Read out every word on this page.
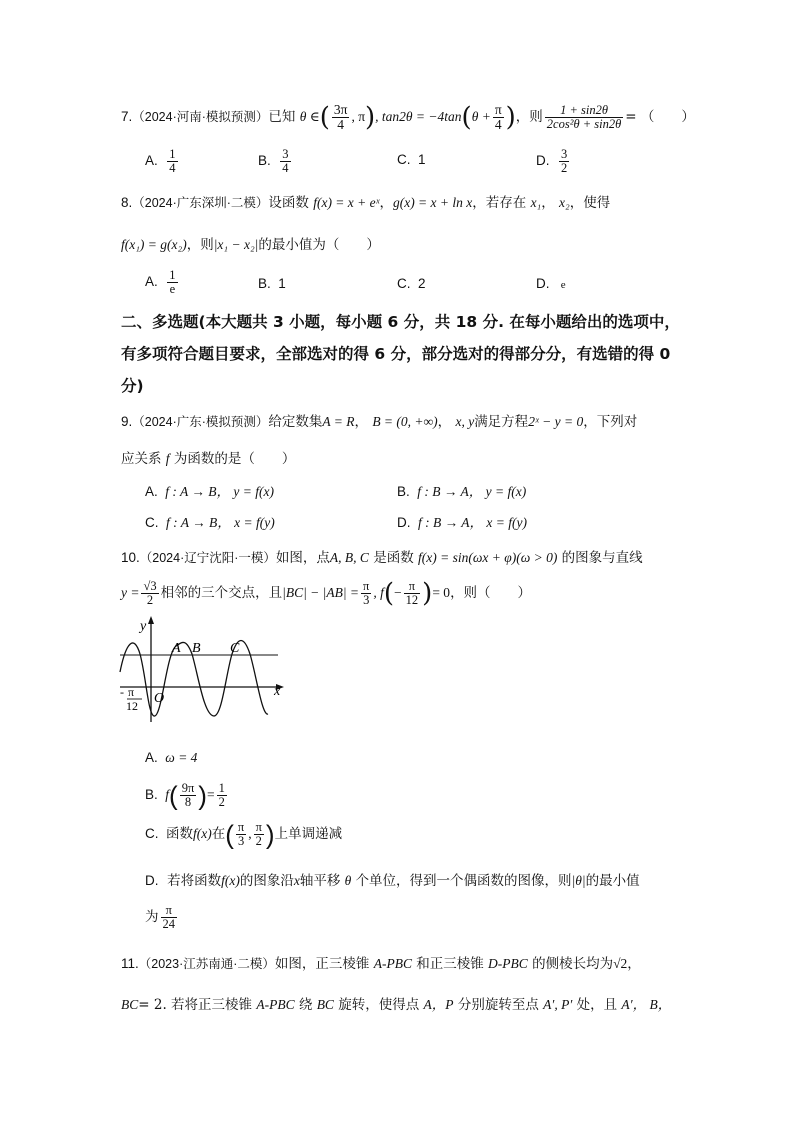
7.（2024·河南·模拟预测）已知 θ ∈( $\frac{3\pi}{4}$ , π), $\tan 2\theta = -4\tan(\theta + \frac{\pi}{4}$ )，则 $\frac{1 + \sin 2\theta}{\text{2cos²θ + sin2θ}}$ = （　　）
A. $\frac{1}{4}$	B. $\frac{3}{4}$	C. 1	D. $\frac{3}{2}$
8.（2024·广东深圳·二模）设函数 f(x) = x + eˣ，g(x) = x + ln x，若存在 x₁， x₂，使得
f(x₁) = g(x₂)，则|x₁ − x₂|的最小值为（　　）
A. $\frac{1}{e}$	B. 1	C. 2	D. e
二、多选题(本大题共 3 小题，每小题 6 分，共 18 分. 在每小题给出的选项中，
有多项符合题目要求，全部选对的得 6 分，部分选对的得部分分，有选错的得 0
分)
9.（2024·广东·模拟预测）给定数集A = R， B = (0, +∞)， x, y满足方程2ˣ − y = 0，下列对
应关系 f 为函数的是（　　）
A. f : A → B， y = f(x)	B. f : B → A， y = f(x)
C. f : A → B， x = f(y)	D. f : B → A， x = f(y)
10.（2024·辽宁沈阳·一模）如图，点A, B, C 是函数 f(x) = sin(ωx + φ)(ω > 0) 的图象与直线
$y = \frac{√3}{2}$ 相邻的三个交点，且$|BC| - |AB| = \frac{\pi}{3}$ , $f(- \frac{\pi}{12}$ )= 0，则（　　）
y
x
O
A B C
- π
12
A. ω = 4
B. $f( \frac{9\pi}{8}$ )= $\frac{1}{2}$
C. 函数f(x)在( $\frac{\pi}{3}$ , $\frac{\pi}{2}$ )上单调递减
D. 若将函数f(x)的图象沿x轴平移 θ 个单位，得到一个偶函数的图像，则|θ|的最小值
为 $\frac{\pi}{24}$
11.（2023·江苏南通·二模）如图，正三棱锥 A-PBC 和正三棱锥 D-PBC 的侧棱长均为√2，
BC= 2. 若将正三棱锥 A-PBC 绕 BC 旋转，使得点 A，P 分别旋转至点 A′, P′ 处，且 A′， B，
